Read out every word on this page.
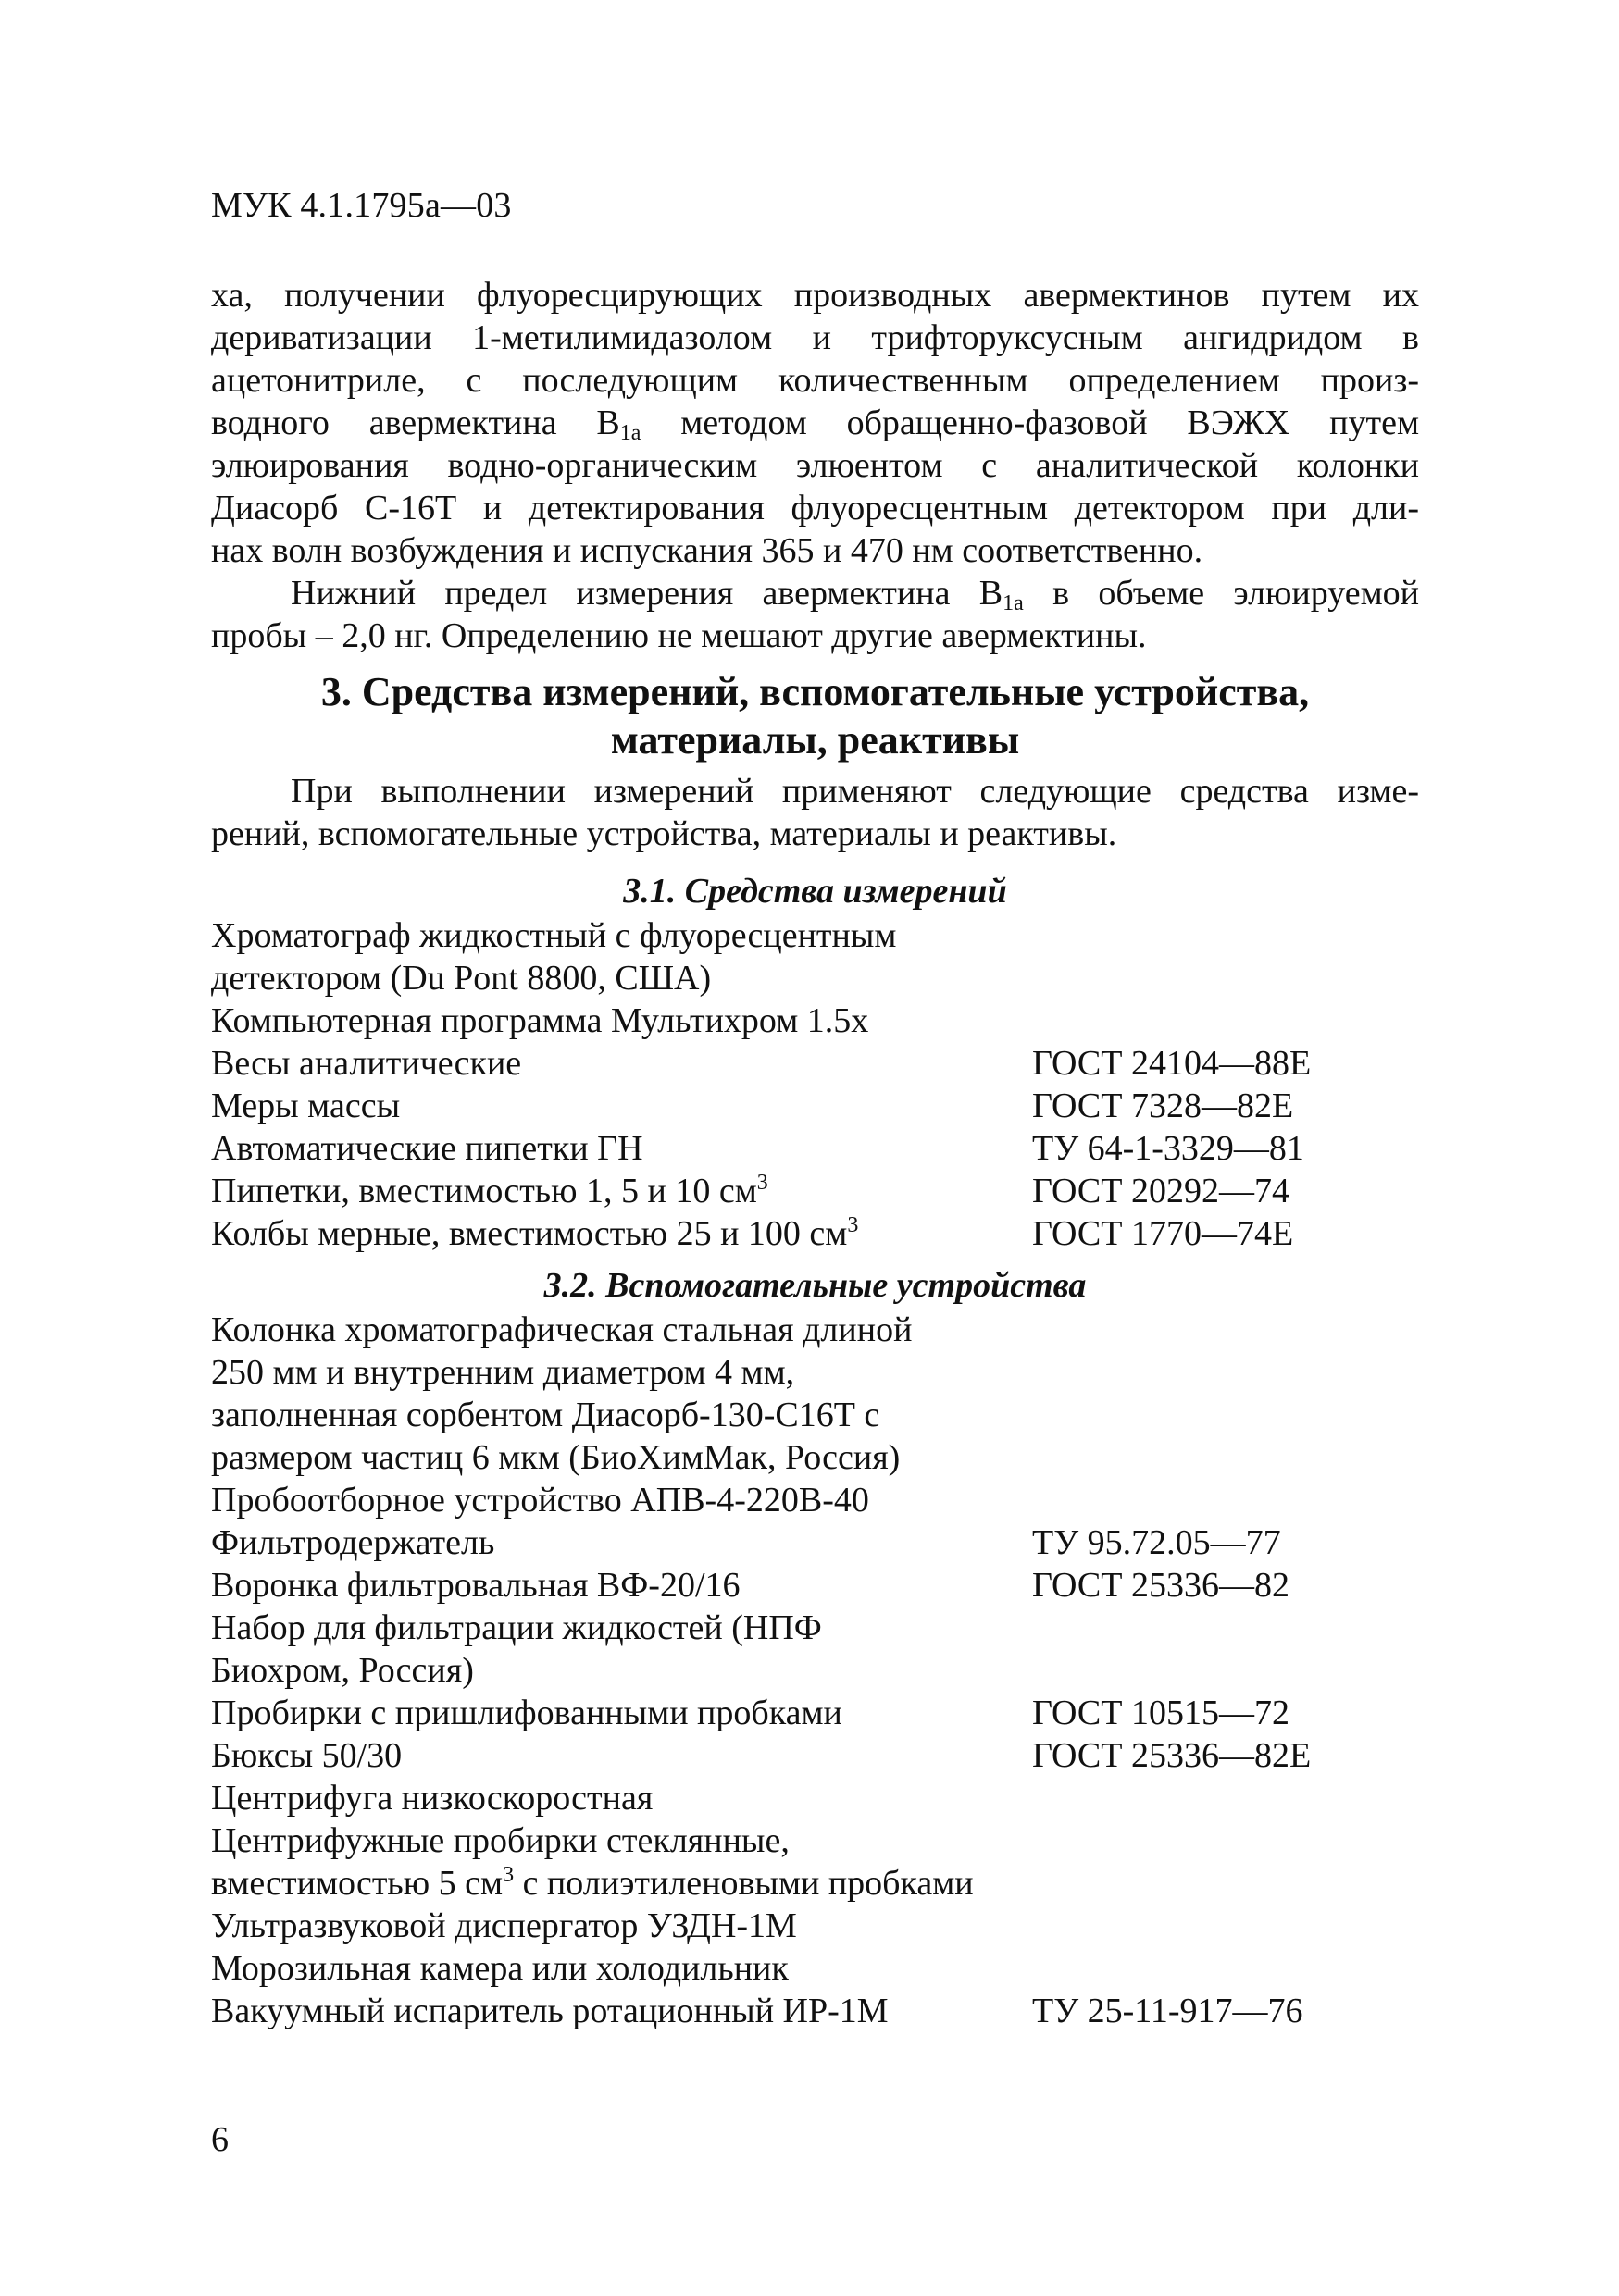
МУК 4.1.1795а—03

ха, получении флуоресцирующих производных авермектинов путем их
дериватизации 1-метилимидазолом и трифторуксусным ангидридом в
ацетонитриле, с последующим количественным определением произ-
водного авермектина $B_{1a}$ методом обращенно-фазовой ВЭЖХ путем
элюирования водно-органическим элюентом с аналитической колонки
Диасорб С-16Т и детектирования флуоресцентным детектором при дли-
нах волн возбуждения и испускания 365 и 470 нм соответственно.

Нижний предел измерения авермектина $B_{1a}$ в объеме элюируемой
пробы – 2,0 нг. Определению не мешают другие авермектины.

3. Средства измерений, вспомогательные устройства,
материалы, реактивы

При выполнении измерений применяют следующие средства изме-
рений, вспомогательные устройства, материалы и реактивы.

3.1. Средства измерений
Хроматограф жидкостный с флуоресцентным
детектором (Du Pont 8800, США)
Компьютерная программа Мультихром 1.5х
Весы аналитические	ГОСТ 24104—88Е
Меры массы	ГОСТ 7328—82Е
Автоматические пипетки ГН	ТУ 64-1-3329—81
Пипетки, вместимостью 1, 5 и 10 $см^3$	ГОСТ 20292—74
Колбы мерные, вместимостью 25 и 100 $см^3$	ГОСТ 1770—74Е
3.2. Вспомогательные устройства
Колонка хроматографическая стальная длиной
250 мм и внутренним диаметром 4 мм,
заполненная сорбентом Диасорб-130-С16Т с
размером частиц 6 мкм (БиоХимМак, Россия)
Пробоотборное устройство АПВ-4-220В-40
Фильтродержатель	ТУ 95.72.05—77
Воронка фильтровальная ВФ-20/16	ГОСТ 25336—82
Набор для фильтрации жидкостей (НПФ
Биохром, Россия)
Пробирки с пришлифованными пробками	ГОСТ 10515—72
Бюксы 50/30	ГОСТ 25336—82Е
Центрифуга низкоскоростная
Центрифужные пробирки стеклянные,
вместимостью 5 $см^3$ с полиэтиленовыми пробками
Ультразвуковой диспергатор УЗДН-1М
Морозильная камера или холодильник
Вакуумный испаритель ротационный ИР-1М	ТУ 25-11-917—76
6
